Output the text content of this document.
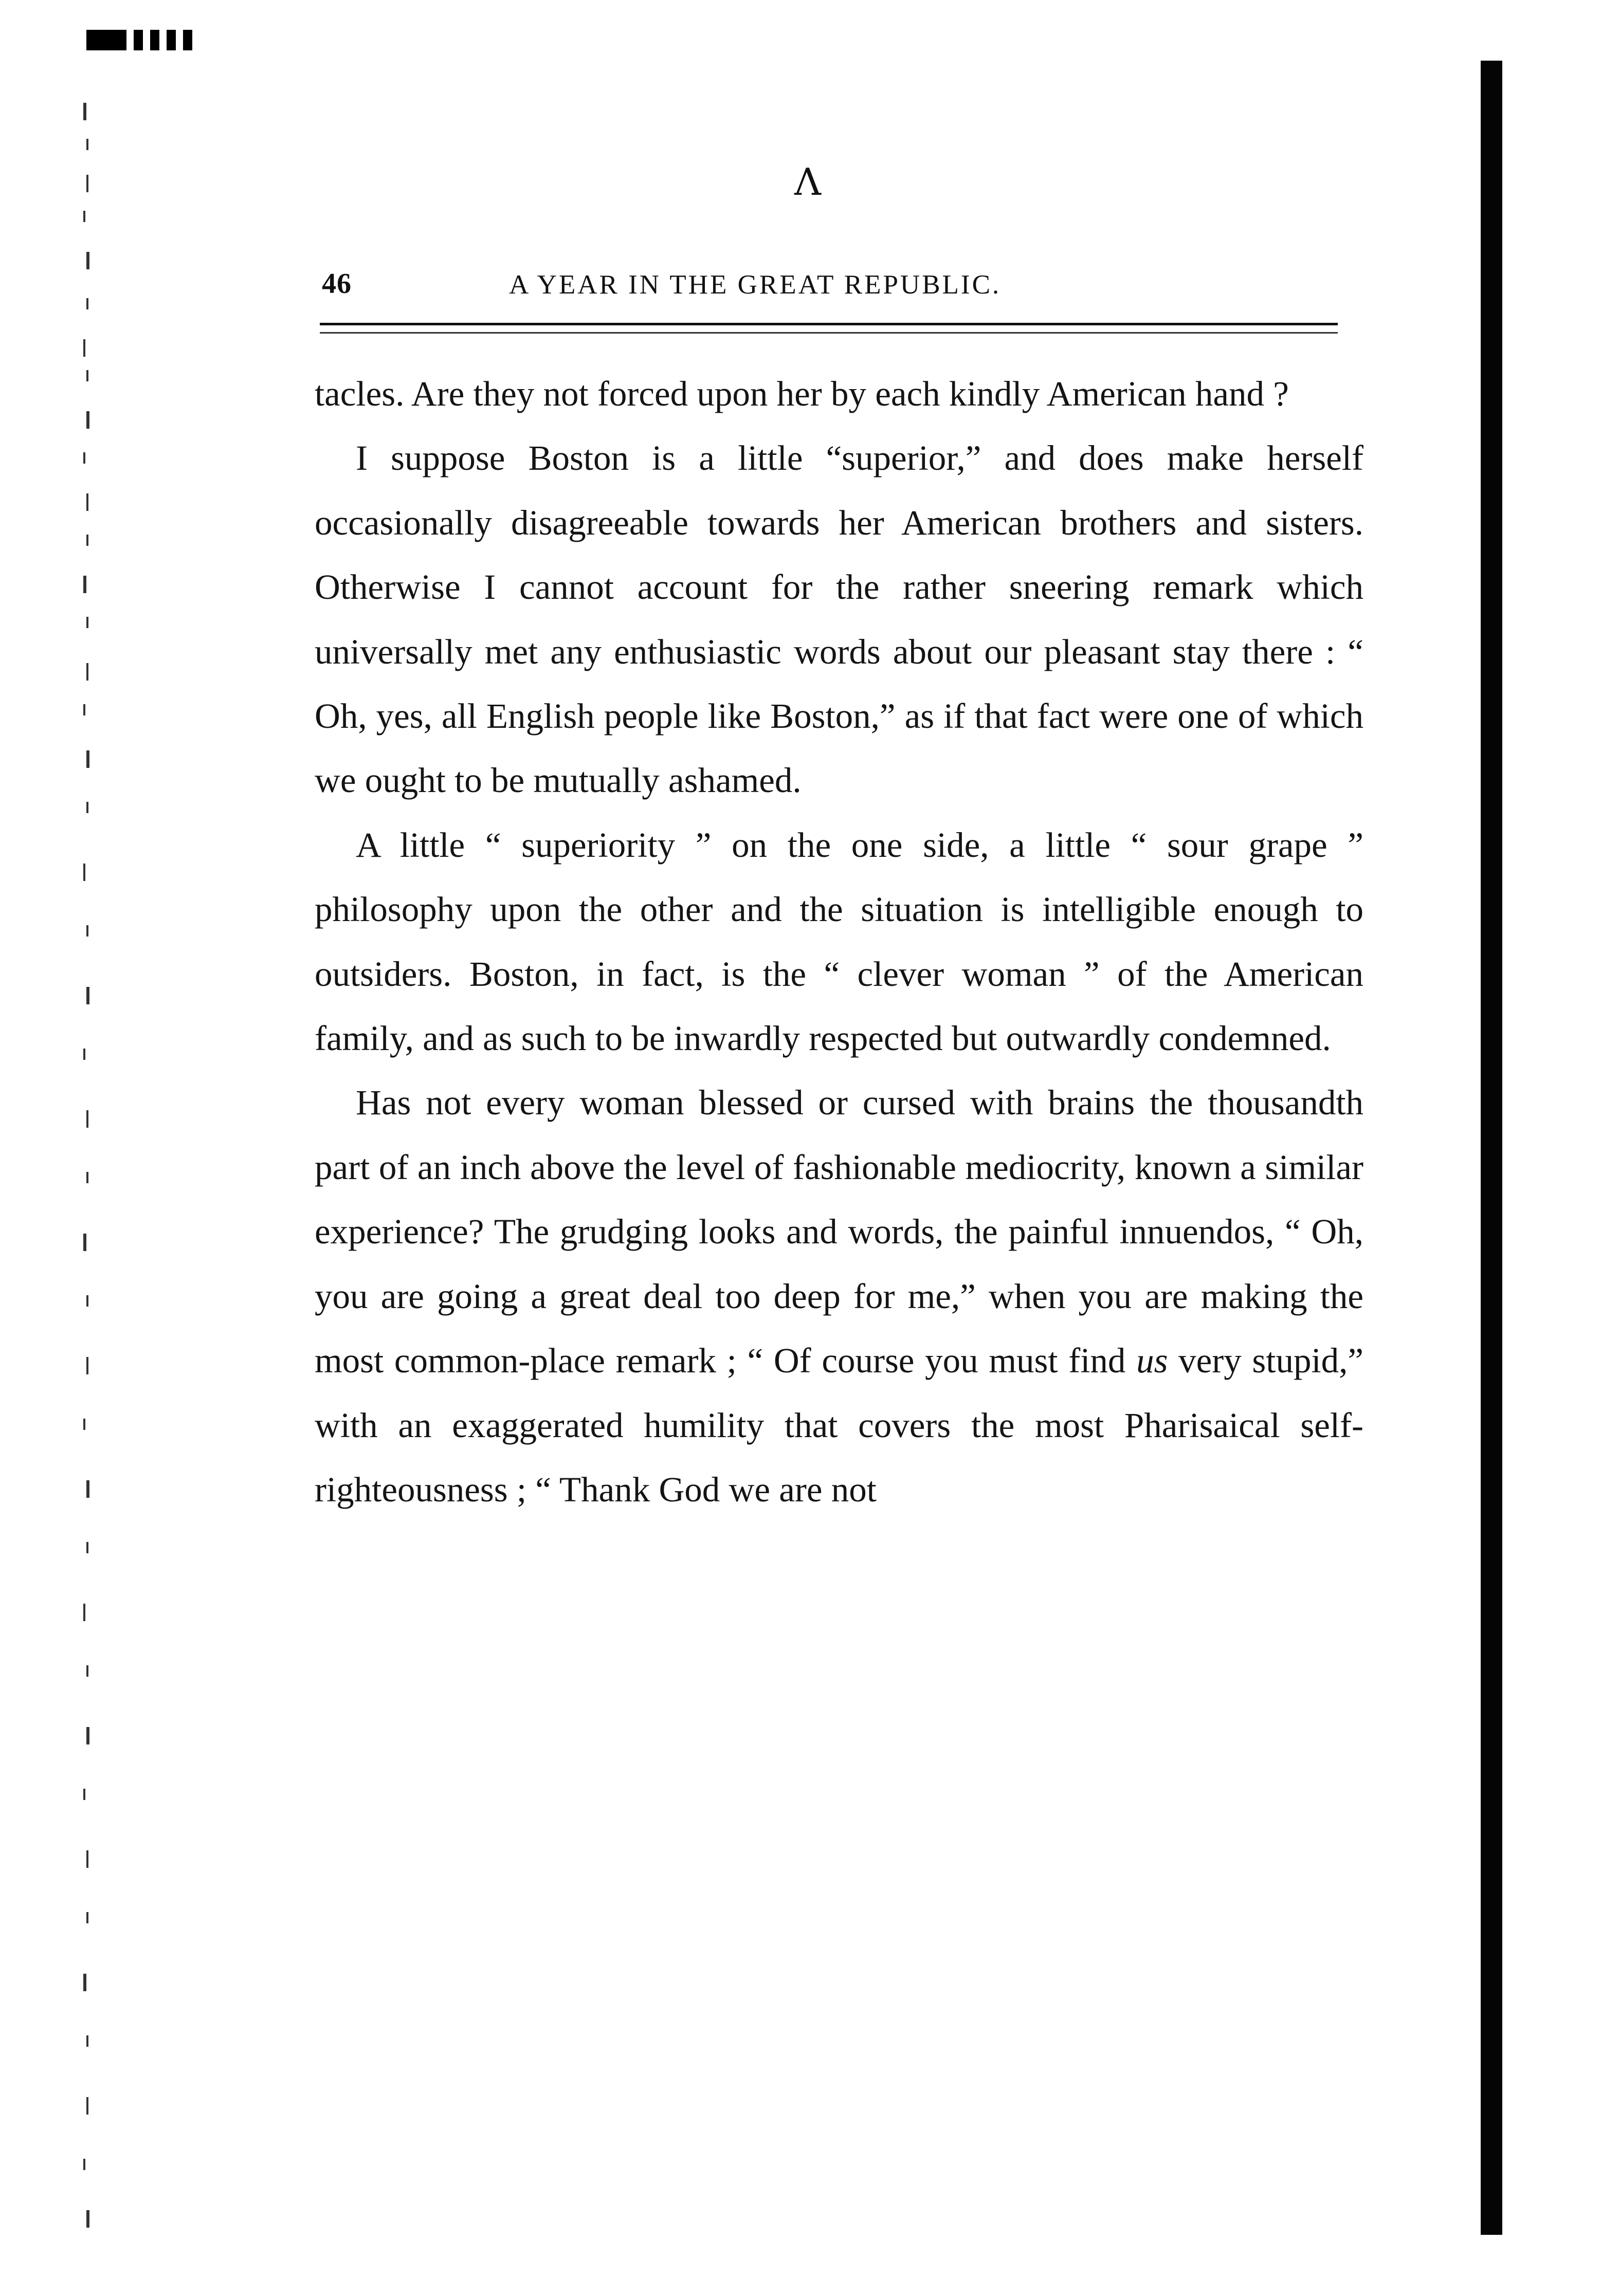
Λ
46	A YEAR IN THE GREAT REPUBLIC.

tacles. Are they not forced upon her by each kindly American hand ?

I suppose Boston is a little “superior,” and does make herself occasionally disagreeable towards her American brothers and sisters. Otherwise I cannot account for the rather sneering remark which universally met any enthusiastic words about our pleasant stay there : “ Oh, yes, all English people like Boston,” as if that fact were one of which we ought to be mutually ashamed.

A little “ superiority ” on the one side, a little “ sour grape ” philosophy upon the other and the situation is intelligible enough to outsiders. Boston, in fact, is the “ clever woman ” of the American family, and as such to be inwardly respected but outwardly condemned.

Has not every woman blessed or cursed with brains the thousandth part of an inch above the level of fashionable mediocrity, known a similar experience? The grudging looks and words, the painful innuendos, “ Oh, you are going a great deal too deep for me,” when you are making the most common-place remark ; “ Of course you must find us very stupid,” with an exaggerated humility that covers the most Pharisaical self-righteousness ; “ Thank God we are not
